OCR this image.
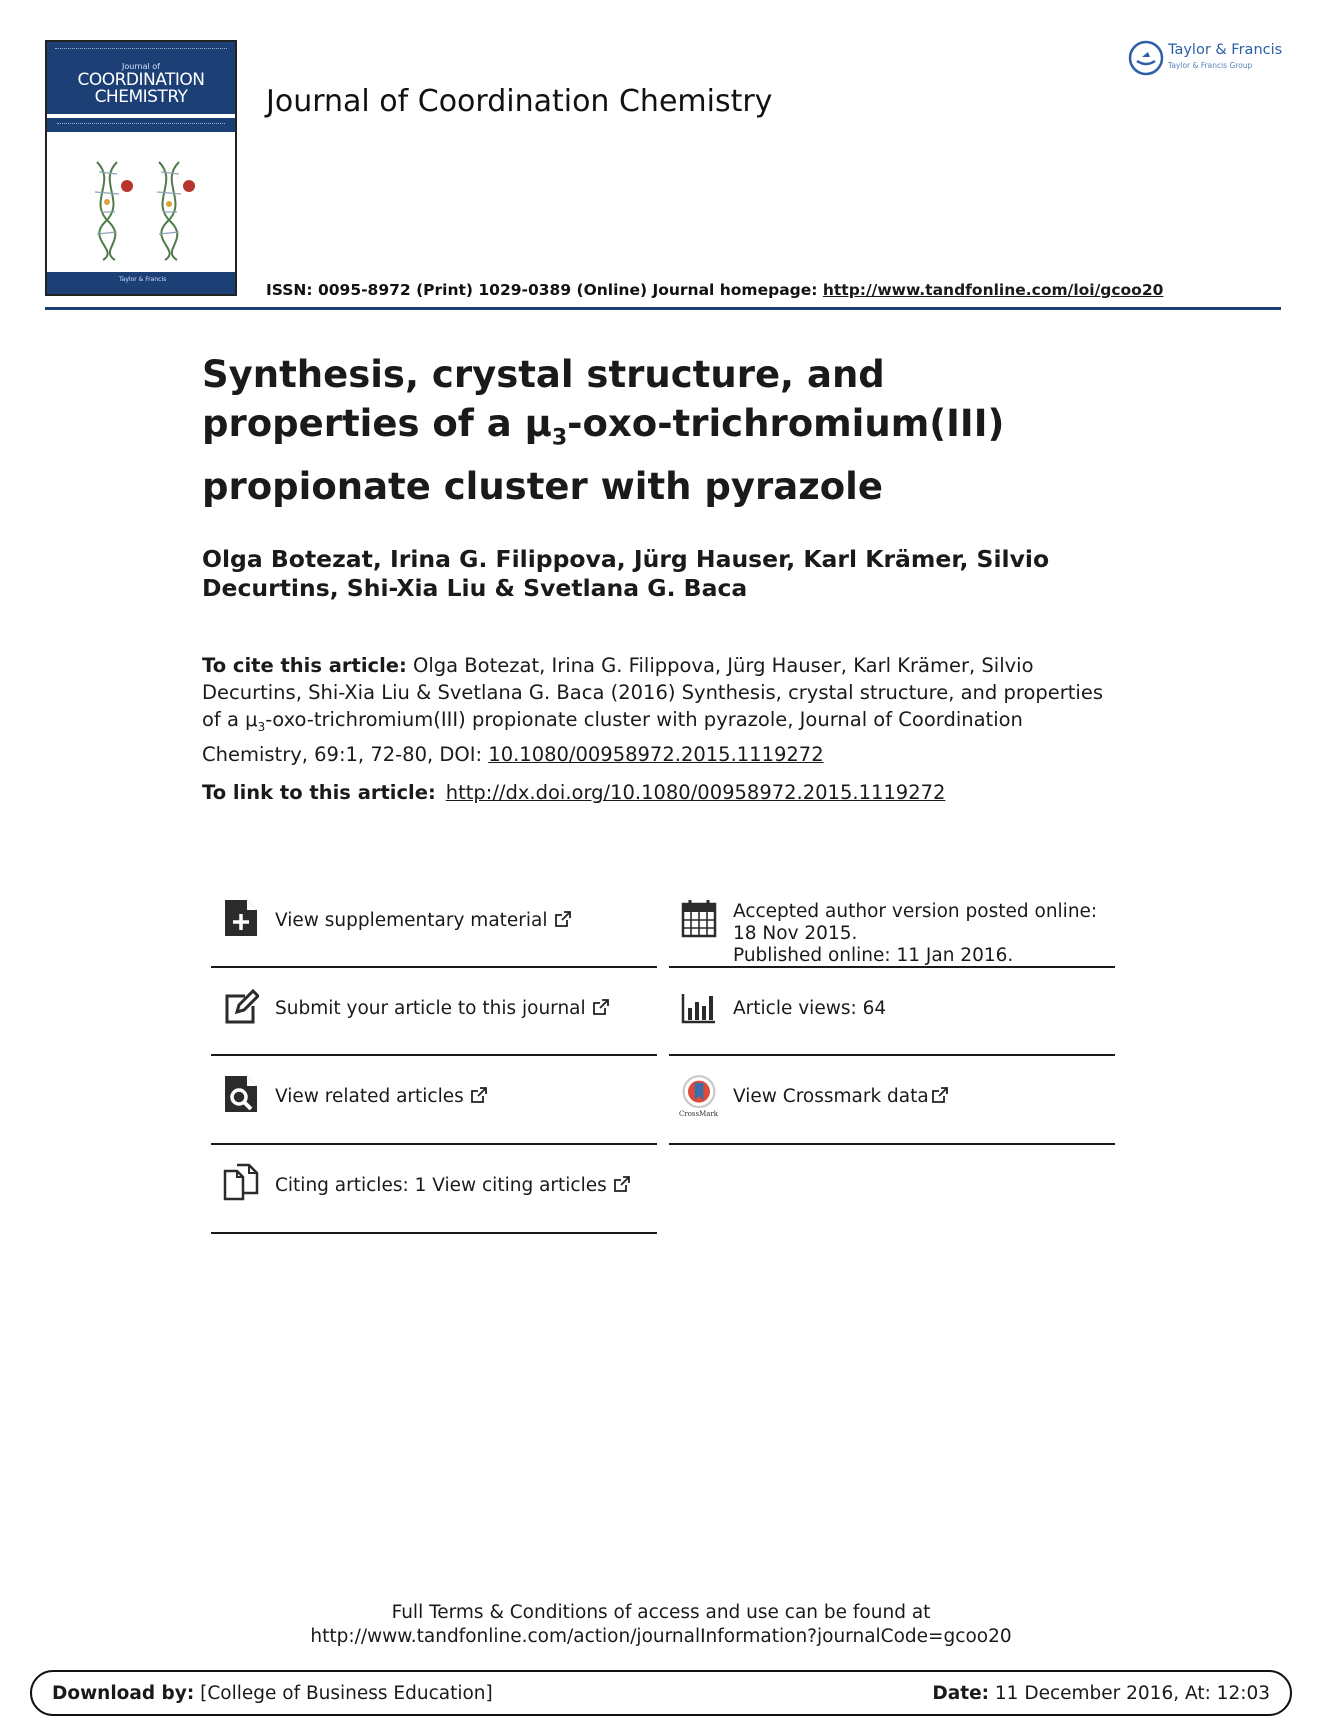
Journal of
COORDINATION
CHEMISTRY
Taylor & Francis
Journal of Coordination Chemistry
Taylor & Francis
Taylor & Francis Group
ISSN: 0095-8972 (Print) 1029-0389 (Online) Journal homepage: http://www.tandfonline.com/loi/gcoo20
Synthesis, crystal structure, and properties of a $\mu_3-oxo-trichromium(III)$ propionate cluster with pyrazole
Olga Botezat, Irina G. Filippova, Jürg Hauser, Karl Krämer, Silvio Decurtins, Shi-Xia Liu & Svetlana G. Baca
To cite this article: Olga Botezat, Irina G. Filippova, Jürg Hauser, Karl Krämer, Silvio Decurtins, Shi-Xia Liu & Svetlana G. Baca (2016) Synthesis, crystal structure, and properties of a $\mu_3-oxo-trichromium(III)$ propionate cluster with pyrazole, Journal of Coordination Chemistry, 69:1, 72-80, DOI: 10.1080/00958972.2015.1119272
To link to this article: http://dx.doi.org/10.1080/00958972.2015.1119272
View supplementary material
Submit your article to this journal
View related articles
Citing articles: 1 View citing articles
Accepted author version posted online: 18 Nov 2015.
Published online: 11 Jan 2016.
Article views: 64
CrossMark
View Crossmark data
Full Terms & Conditions of access and use can be found at
http://www.tandfonline.com/action/journalInformation?journalCode=gcoo20
Download by: [College of Business Education]	Date: 11 December 2016, At: 12:03
